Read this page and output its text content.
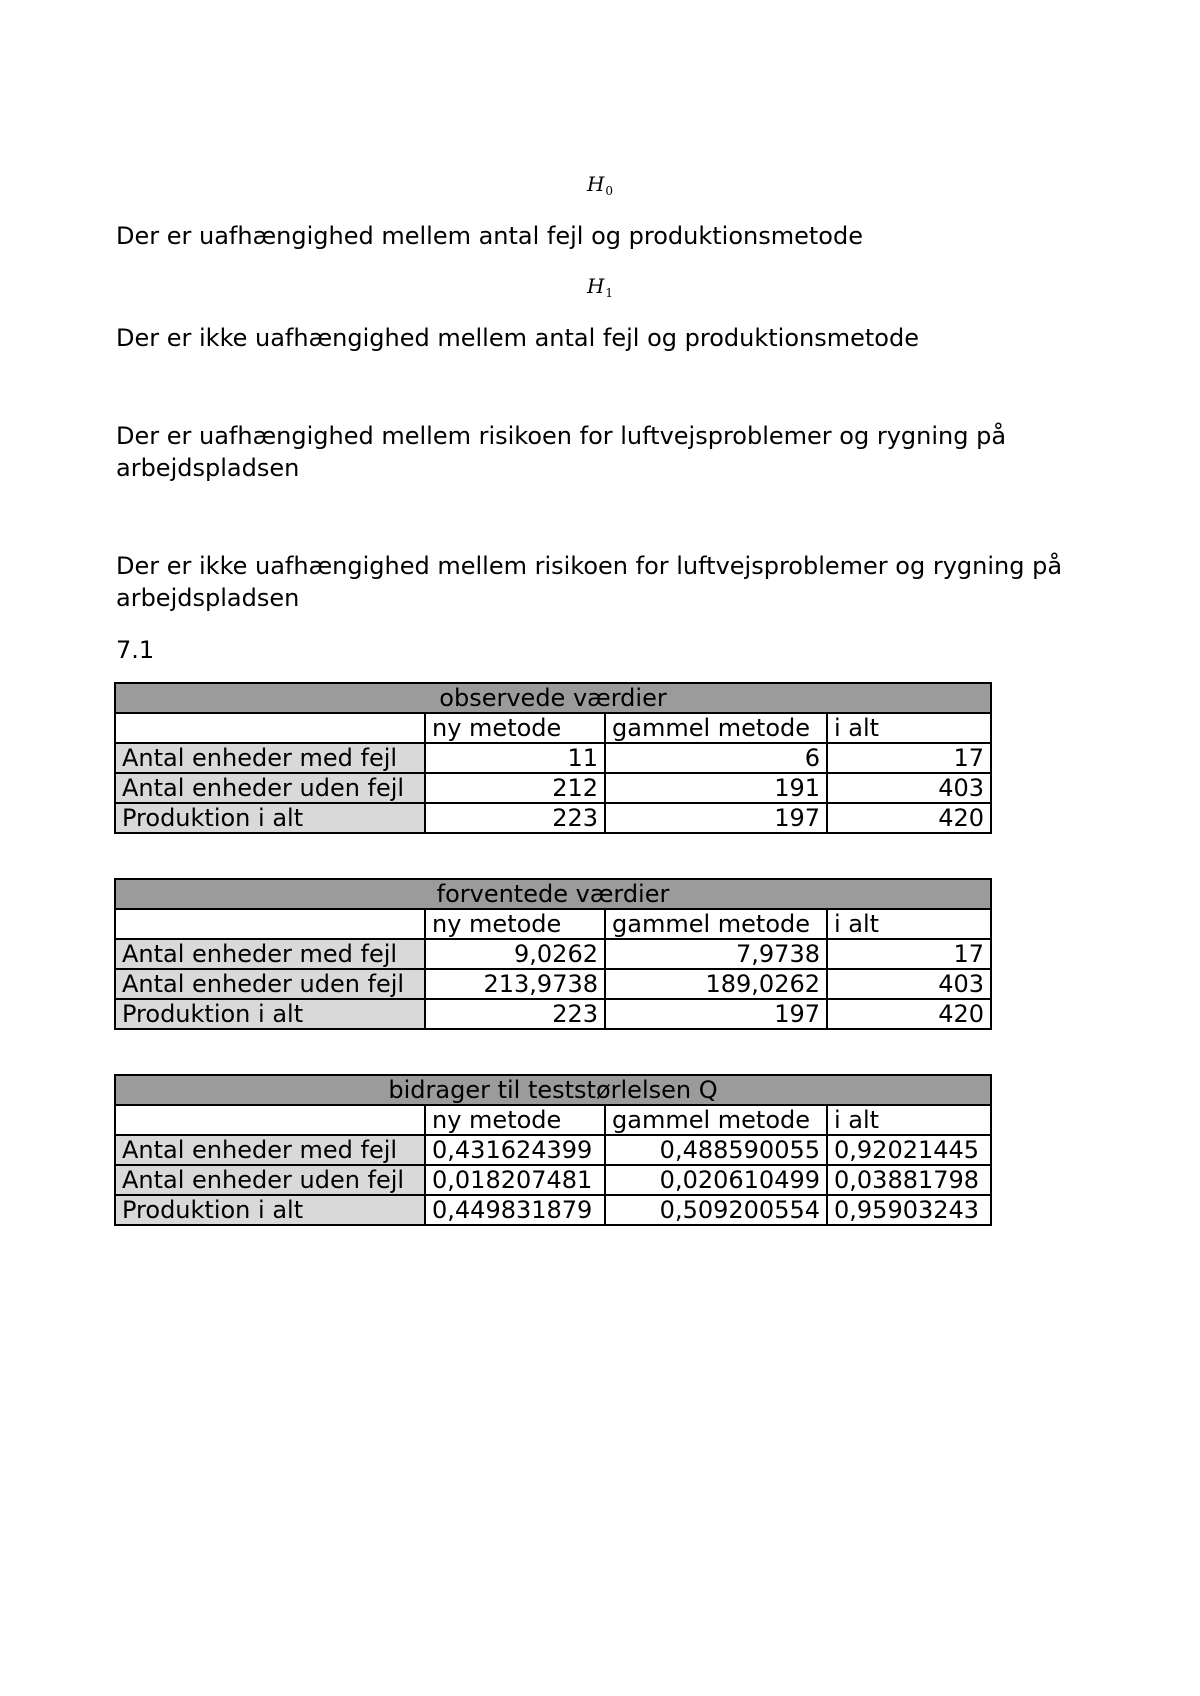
$H_0$
Der er uafhængighed mellem antal fejl og produktionsmetode
$H_1$
Der er ikke uafhængighed mellem antal fejl og produktionsmetode
Der er uafhængighed mellem risikoen for luftvejsproblemer og rygning på arbejdspladsen
Der er ikke uafhængighed mellem risikoen for luftvejsproblemer og rygning på arbejdspladsen
7.1
observede værdier			
	ny metode	gammel metode	i alt
Antal enheder med fejl	11	6	17
Antal enheder uden fejl	212	191	403
Produktion i alt	223	197	420
forventede værdier			
	ny metode	gammel metode	i alt
Antal enheder med fejl	9,0262	7,9738	17
Antal enheder uden fejl	213,9738	189,0262	403
Produktion i alt	223	197	420
bidrager til teststørlelsen Q			
	ny metode	gammel metode	i alt
Antal enheder med fejl	0,431624399	0,488590055	0,92021445
Antal enheder uden fejl	0,018207481	0,020610499	0,03881798
Produktion i alt	0,449831879	0,509200554	0,95903243
